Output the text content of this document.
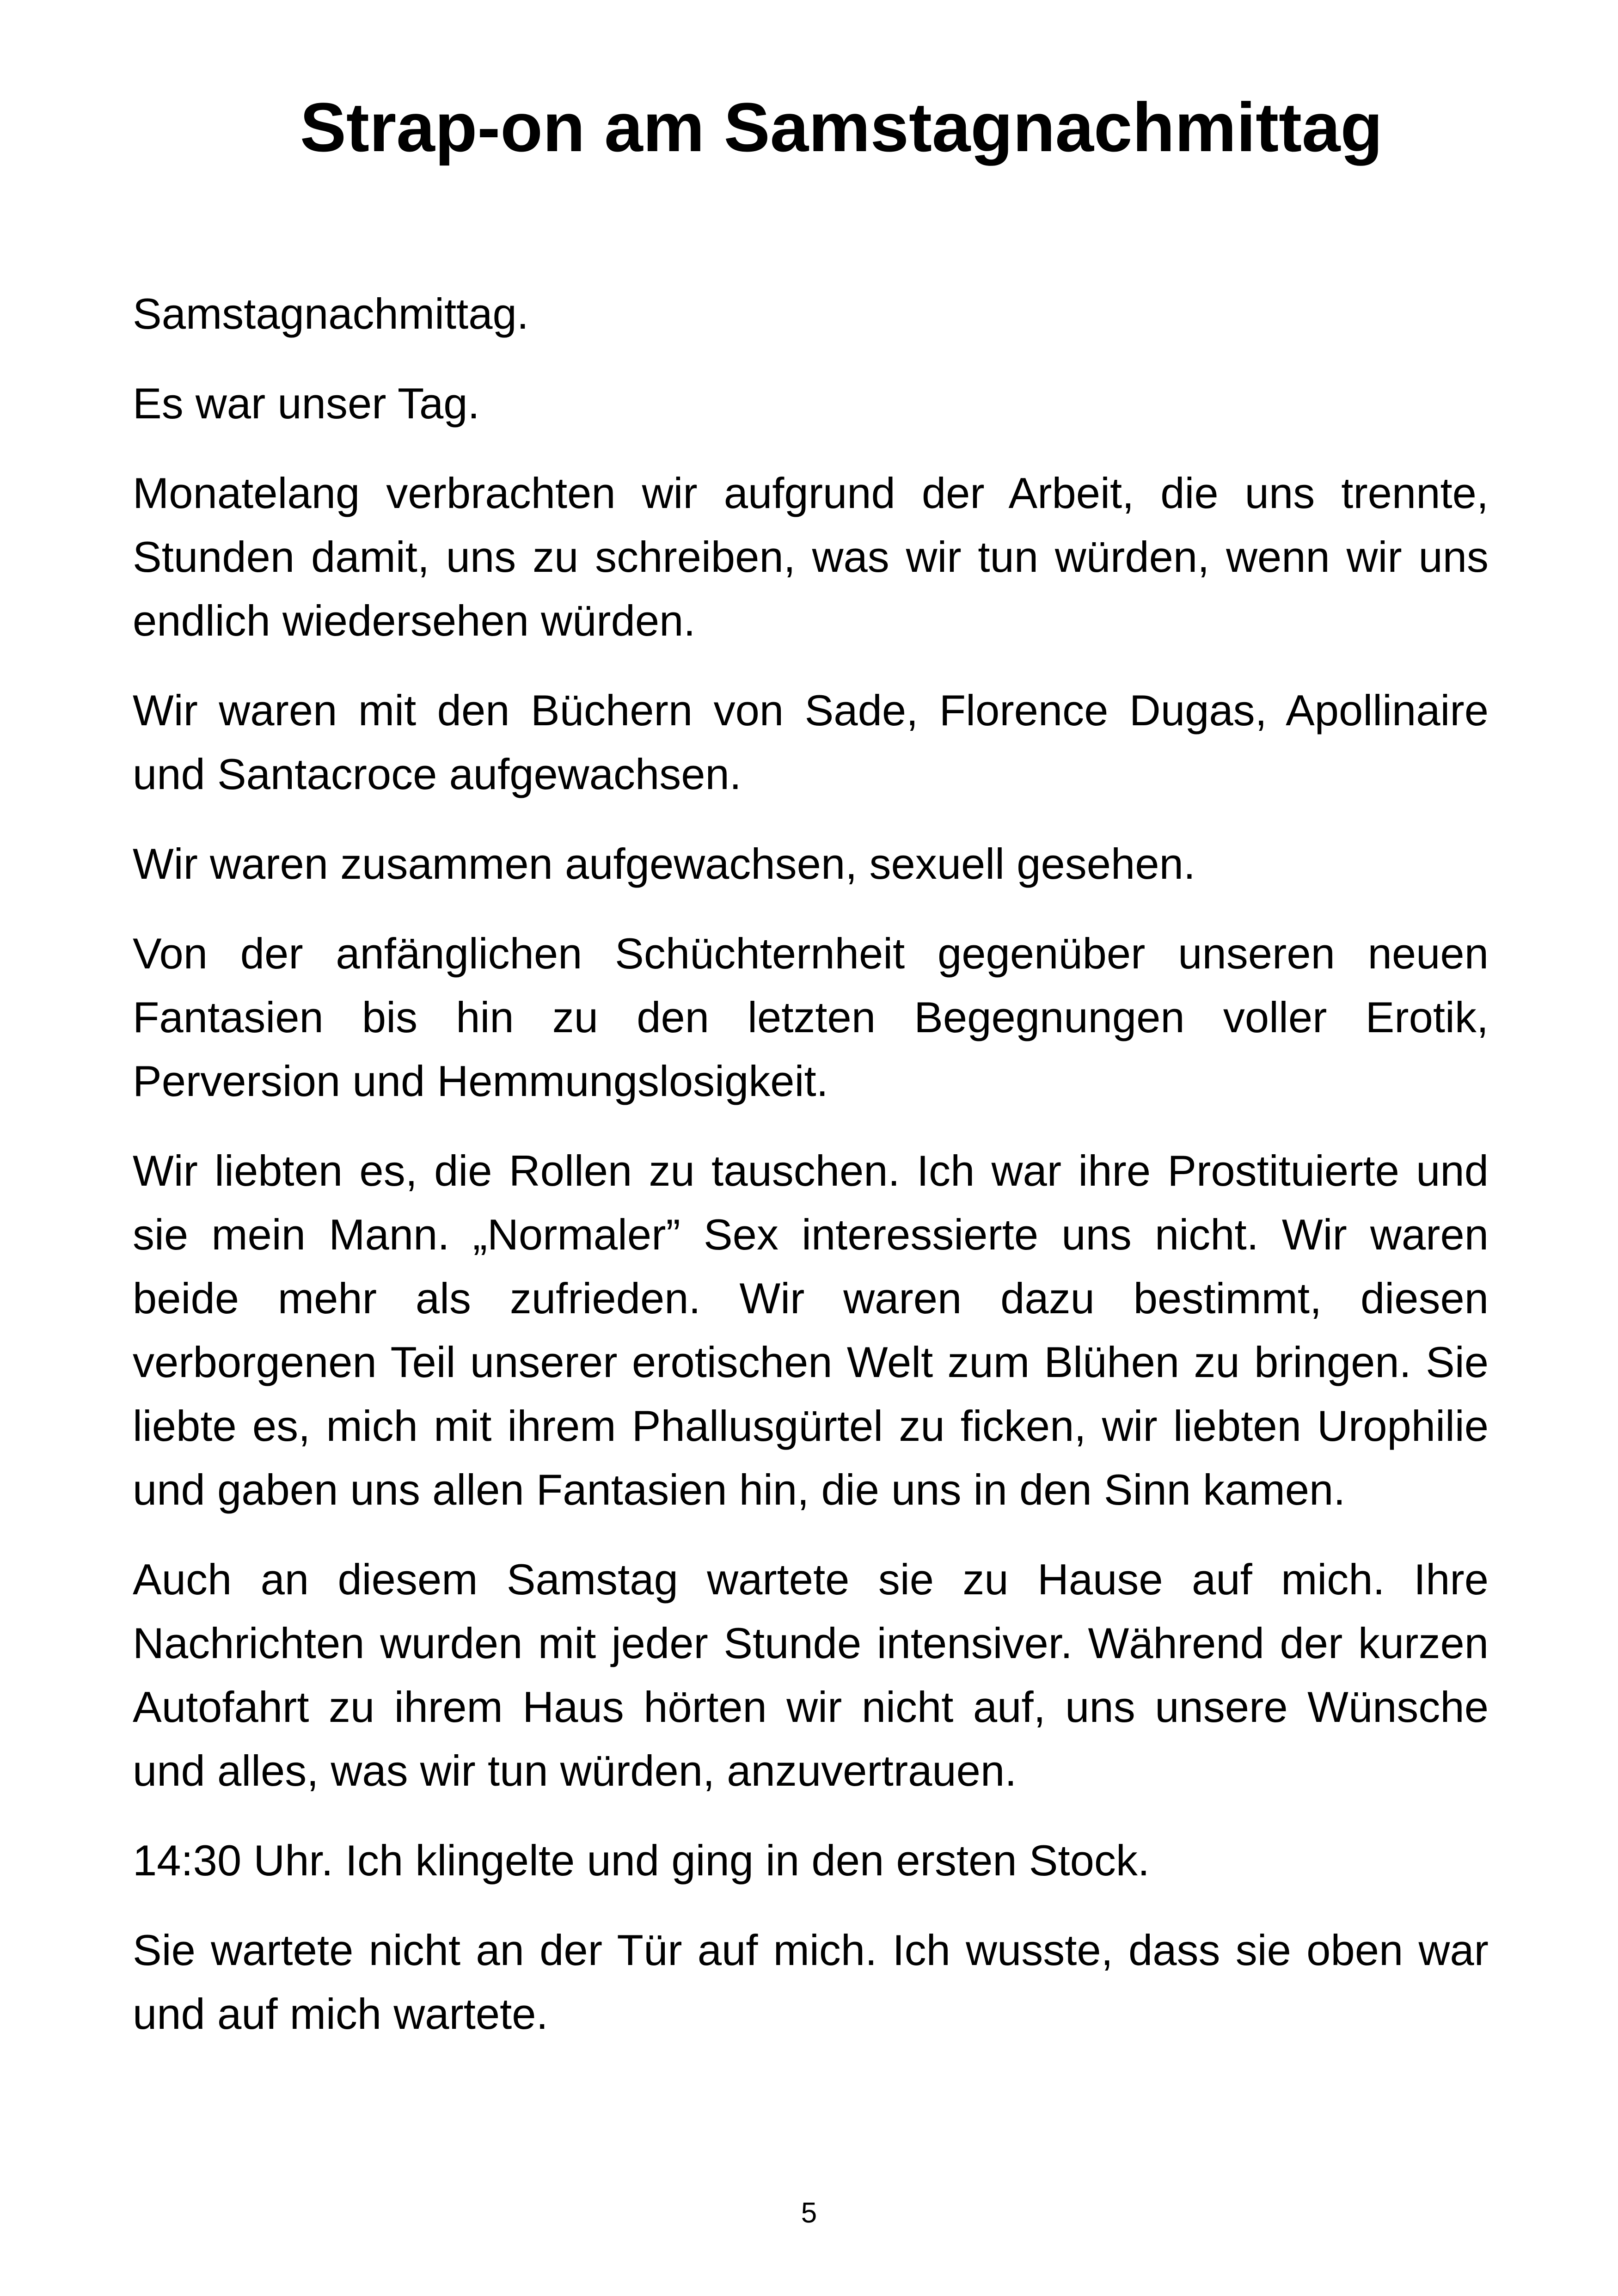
Strap-on am Samstagnachmittag

Samstagnachmittag.

Es war unser Tag.

Monatelang verbrachten wir aufgrund der Arbeit, die uns trennte, Stunden damit, uns zu schreiben, was wir tun würden, wenn wir uns endlich wiedersehen würden.

Wir waren mit den Büchern von Sade, Florence Dugas, Apollinaire und Santacroce aufgewachsen.

Wir waren zusammen aufgewachsen, sexuell gesehen.

Von der anfänglichen Schüchternheit gegenüber unseren neuen Fantasien bis hin zu den letzten Begegnungen voller Erotik, Perversion und Hemmungslosigkeit.

Wir liebten es, die Rollen zu tauschen. Ich war ihre Prostituierte und sie mein Mann. „Normaler” Sex interessierte uns nicht. Wir waren beide mehr als zufrieden. Wir waren dazu bestimmt, diesen verborgenen Teil unserer erotischen Welt zum Blühen zu bringen. Sie liebte es, mich mit ihrem Phallusgürtel zu ficken, wir liebten Urophilie und gaben uns allen Fantasien hin, die uns in den Sinn kamen.

Auch an diesem Samstag wartete sie zu Hause auf mich. Ihre Nachrichten wurden mit jeder Stunde intensiver. Während der kurzen Autofahrt zu ihrem Haus hörten wir nicht auf, uns unsere Wünsche und alles, was wir tun würden, anzuvertrauen.

14:30 Uhr. Ich klingelte und ging in den ersten Stock.

Sie wartete nicht an der Tür auf mich. Ich wusste, dass sie oben war und auf mich wartete.

5
